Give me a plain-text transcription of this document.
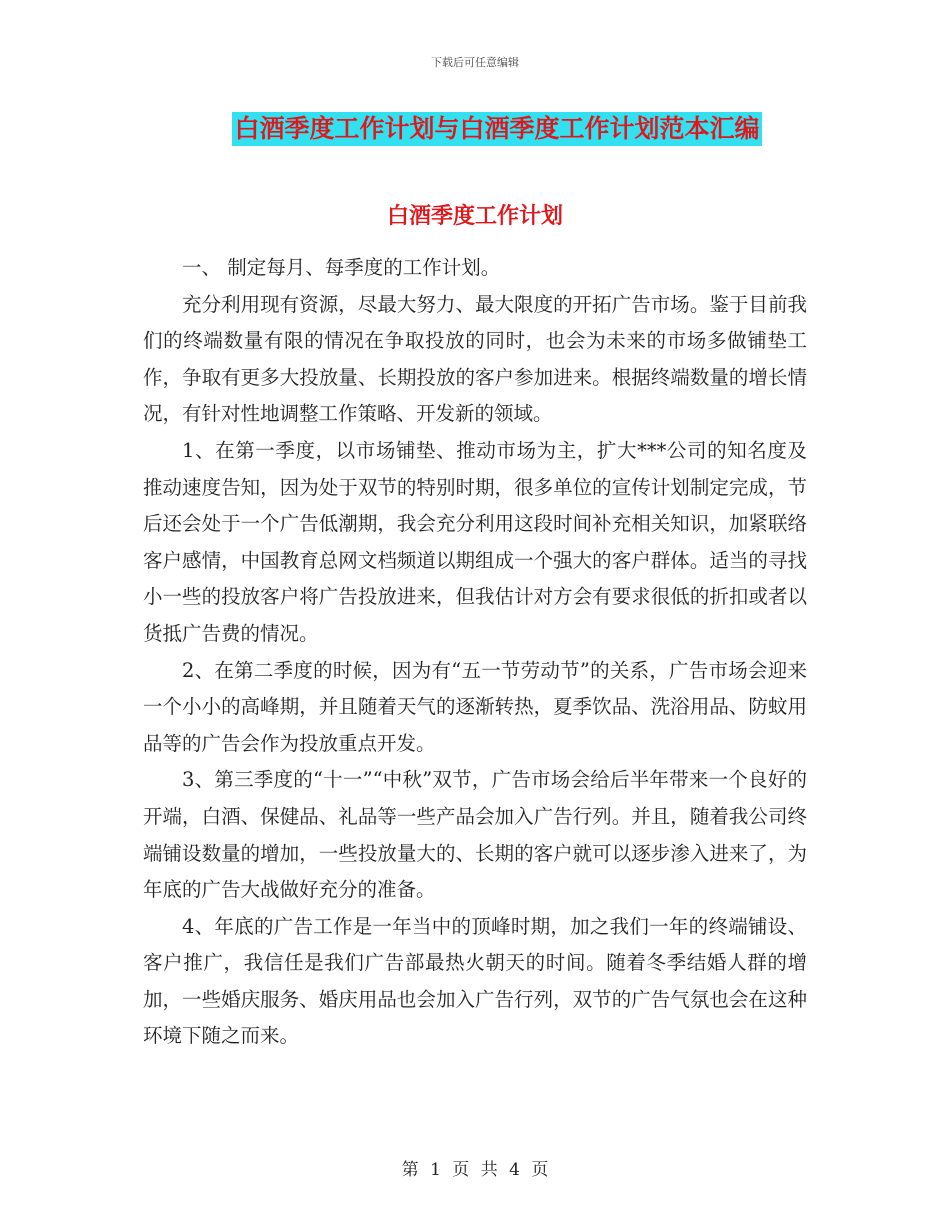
下载后可任意编辑
白酒季度工作计划与白酒季度工作计划范本汇编
白酒季度工作计划

一、 制定每月、每季度的工作计划。

充分利用现有资源，尽最大努力、最大限度的开拓广告市场。鉴于目前我们的终端数量有限的情况在争取投放的同时，也会为未来的市场多做铺垫工作，争取有更多大投放量、长期投放的客户参加进来。根据终端数量的增长情况，有针对性地调整工作策略、开发新的领域。

1、在第一季度，以市场铺垫、推动市场为主，扩大***公司的知名度及推动速度告知，因为处于双节的特别时期，很多单位的宣传计划制定完成，节后还会处于一个广告低潮期，我会充分利用这段时间补充相关知识，加紧联络客户感情，中国教育总网文档频道以期组成一个强大的客户群体。适当的寻找小一些的投放客户将广告投放进来，但我估计对方会有要求很低的折扣或者以货抵广告费的情况。

2、在第二季度的时候，因为有“五一节劳动节”的关系，广告市场会迎来一个小小的高峰期，并且随着天气的逐渐转热，夏季饮品、洗浴用品、防蚊用品等的广告会作为投放重点开发。

3、第三季度的“十一”“中秋”双节，广告市场会给后半年带来一个良好的开端，白酒、保健品、礼品等一些产品会加入广告行列。并且，随着我公司终端铺设数量的增加，一些投放量大的、长期的客户就可以逐步渗入进来了，为年底的广告大战做好充分的准备。

4、年底的广告工作是一年当中的顶峰时期，加之我们一年的终端铺设、客户推广，我信任是我们广告部最热火朝天的时间。随着冬季结婚人群的增加，一些婚庆服务、婚庆用品也会加入广告行列，双节的广告气氛也会在这种环境下随之而来。

第 1 页 共 4 页
